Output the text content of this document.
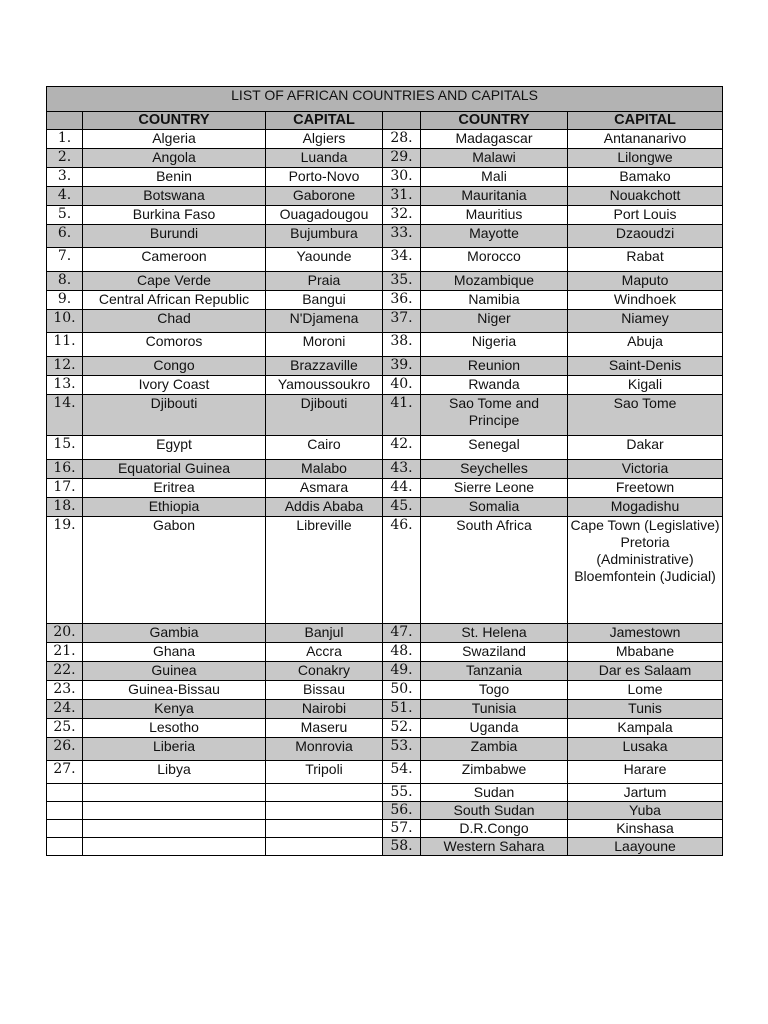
LIST OF AFRICAN COUNTRIES AND CAPITALS					
	COUNTRY	CAPITAL		COUNTRY	CAPITAL
1.	Algeria	Algiers	28.	Madagascar	Antananarivo
2.	Angola	Luanda	29.	Malawi	Lilongwe
3.	Benin	Porto-Novo	30.	Mali	Bamako
4.	Botswana	Gaborone	31.	Mauritania	Nouakchott
5.	Burkina Faso	Ouagadougou	32.	Mauritius	Port Louis
6.	Burundi	Bujumbura	33.	Mayotte	Dzaoudzi
7.	Cameroon	Yaounde	34.	Morocco	Rabat
8.	Cape Verde	Praia	35.	Mozambique	Maputo
9.	Central African Republic	Bangui	36.	Namibia	Windhoek
10.	Chad	N'Djamena	37.	Niger	Niamey
11.	Comoros	Moroni	38.	Nigeria	Abuja
12.	Congo	Brazzaville	39.	Reunion	Saint-Denis
13.	Ivory Coast	Yamoussoukro	40.	Rwanda	Kigali
14.	Djibouti	Djibouti	41.	Sao Tome and Principe	Sao Tome
15.	Egypt	Cairo	42.	Senegal	Dakar
16.	Equatorial Guinea	Malabo	43.	Seychelles	Victoria
17.	Eritrea	Asmara	44.	Sierre Leone	Freetown
18.	Ethiopia	Addis Ababa	45.	Somalia	Mogadishu
19.	Gabon	Libreville	46.	South Africa	Cape Town (Legislative) Pretoria (Administrative) Bloemfontein (Judicial)
20.	Gambia	Banjul	47.	St. Helena	Jamestown
21.	Ghana	Accra	48.	Swaziland	Mbabane
22.	Guinea	Conakry	49.	Tanzania	Dar es Salaam
23.	Guinea-Bissau	Bissau	50.	Togo	Lome
24.	Kenya	Nairobi	51.	Tunisia	Tunis
25.	Lesotho	Maseru	52.	Uganda	Kampala
26.	Liberia	Monrovia	53.	Zambia	Lusaka
27.	Libya	Tripoli	54.	Zimbabwe	Harare
			55.	Sudan	Jartum
			56.	South Sudan	Yuba
			57.	D.R.Congo	Kinshasa
			58.	Western Sahara	Laayoune
